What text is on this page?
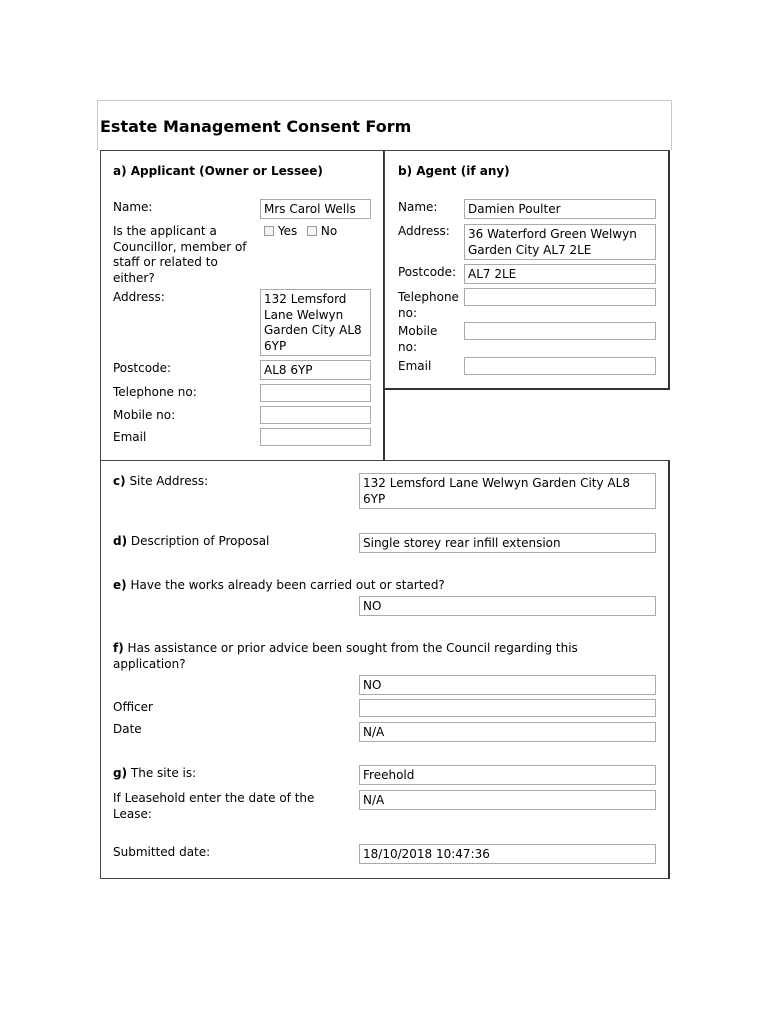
Estate Management Consent Form
a) Applicant (Owner or Lessee)
Name:	Mrs Carol Wells
Is the applicant a Councillor, member of staff or related to either?
Yes No
Address:	132 Lemsford Lane Welwyn Garden City AL8 6YP
Postcode:	AL8 6YP
Telephone no:
Mobile no:
Email
b) Agent (if any)
Name:	Damien Poulter
Address:	36 Waterford Green Welwyn Garden City AL7 2LE
Postcode: AL7 2LE
Telephone no:
Mobile no:
Email
c) Site Address:	132 Lemsford Lane Welwyn Garden City AL8 6YP
d) Description of Proposal	Single storey rear infill extension
e) Have the works already been carried out or started?
NO
f) Has assistance or prior advice been sought from the Council regarding this application?
NO
Officer
Date	N/A
g) The site is:	Freehold
If Leasehold enter the date of the Lease:
N/A
Submitted date:	18/10/2018 10:47:36
